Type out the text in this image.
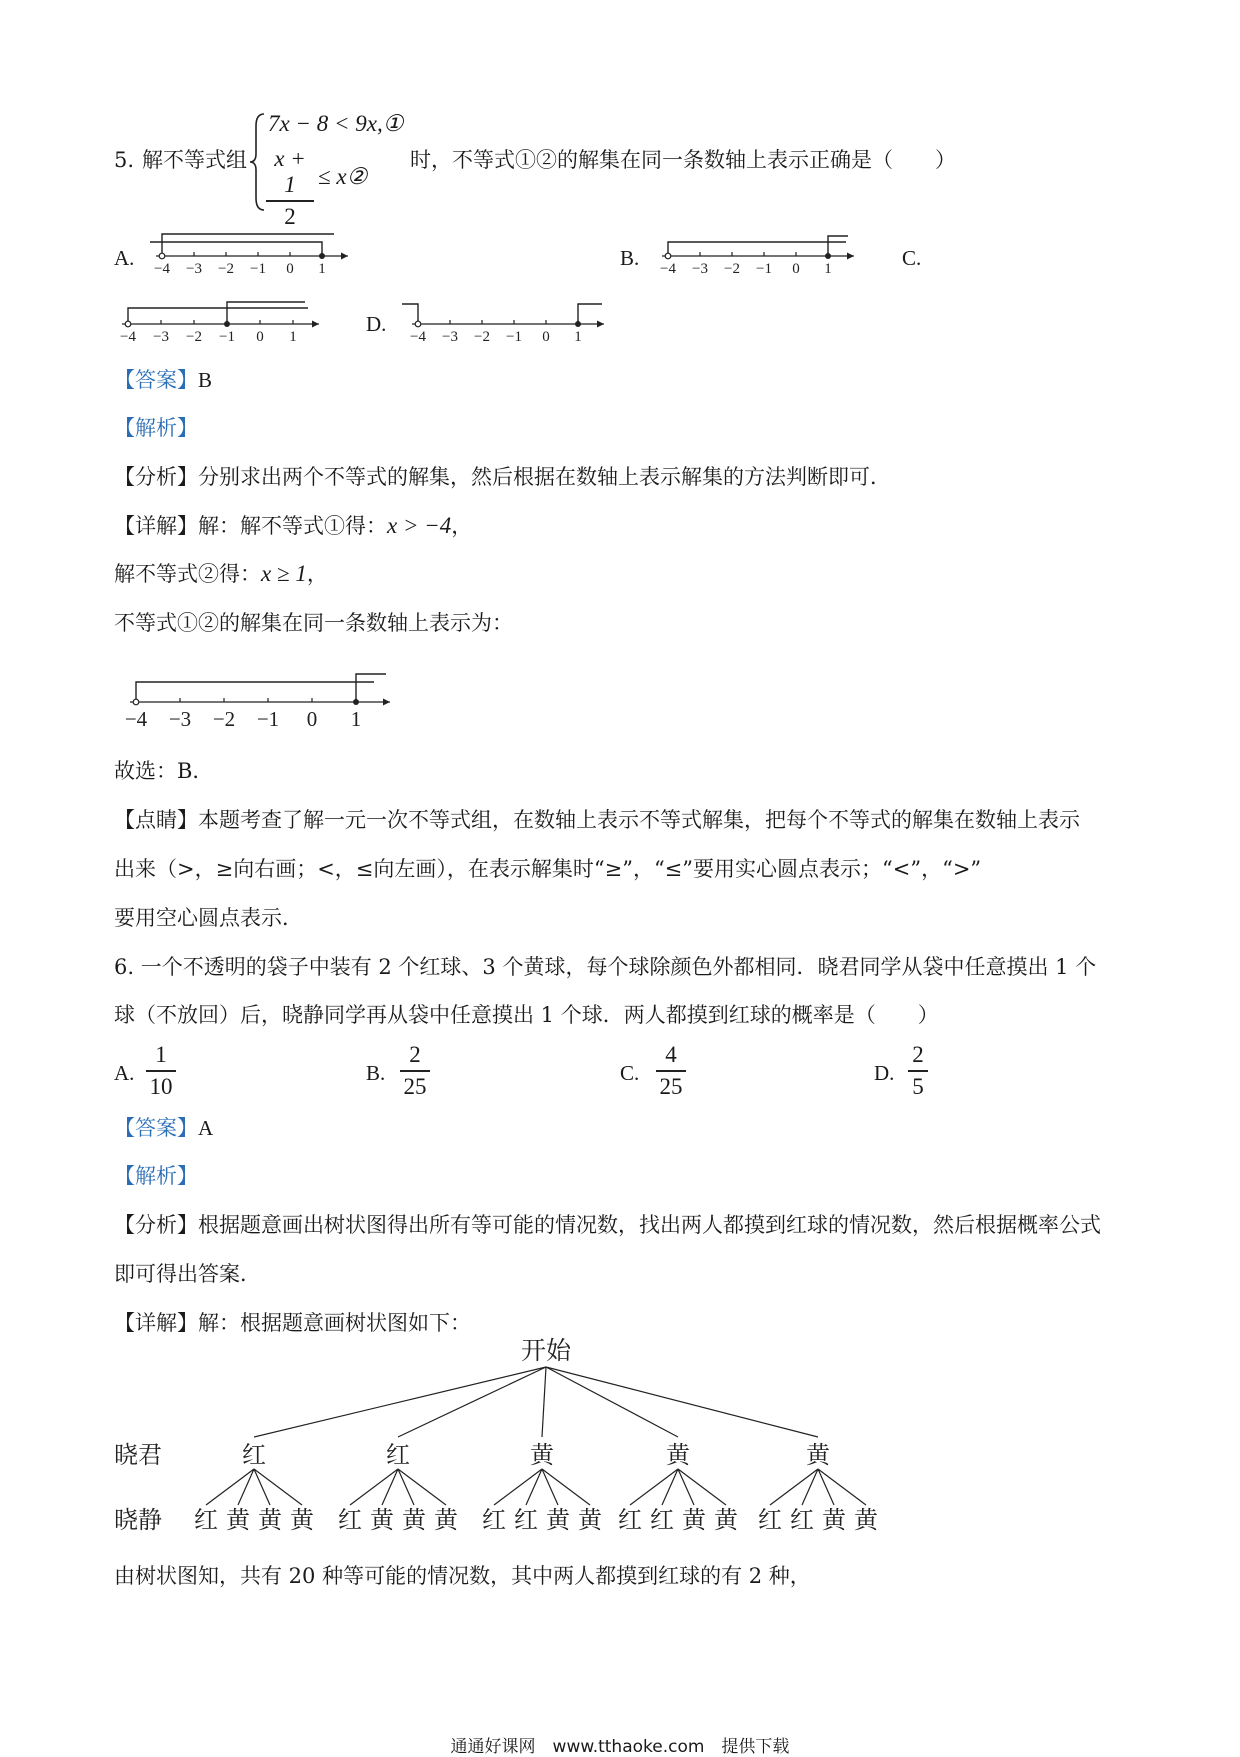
5. 解不等式组
7x − 8 < 9x,①
x + 1
2
≤ x②
时，不等式①②的解集在同一条数轴上表示正确是（　　）
A.	B.	C.
D.
−4 −3 −2 −1 0 1	−4 −3 −2 −1 0 1
−4 −3 −2 −1 0 1	−4 −3 −2 −1 0 1
【答案】B
【解析】
【分析】分别求出两个不等式的解集，然后根据在数轴上表示解集的方法判断即可．
【详解】解：解不等式①得：x > −4，
解不等式②得：x ≥ 1，
不等式①②的解集在同一条数轴上表示为：
−4 −3 −2 −1 0 1
故选：B．
【点睛】本题考查了解一元一次不等式组，在数轴上表示不等式解集，把每个不等式的解集在数轴上表示
出来（>，≥向右画；<，≤向左画），在表示解集时“≥”，“≤”要用实心圆点表示；“<”，“>”
要用空心圆点表示．
6. 一个不透明的袋子中装有 2 个红球、3 个黄球，每个球除颜色外都相同．晓君同学从袋中任意摸出 1 个
球（不放回）后，晓静同学再从袋中任意摸出 1 个球．两人都摸到红球的概率是（　　）
A.
1
10
B.
2
25
C.
4
25
D.
2
5
【答案】A
【解析】
【分析】根据题意画出树状图得出所有等可能的情况数，找出两人都摸到红球的情况数，然后根据概率公式
即可得出答案．
【详解】解：根据题意画树状图如下：
开始
晓君
晓静
红
红 黄 黄 黄
红
红 黄 黄 黄
黄
红 红 黄 黄
黄
红 红 黄 黄
黄
红 红 黄 黄
由树状图知，共有 20 种等可能的情况数，其中两人都摸到红球的有 2 种，
通通好课网　www.tthaoke.com　提供下载
